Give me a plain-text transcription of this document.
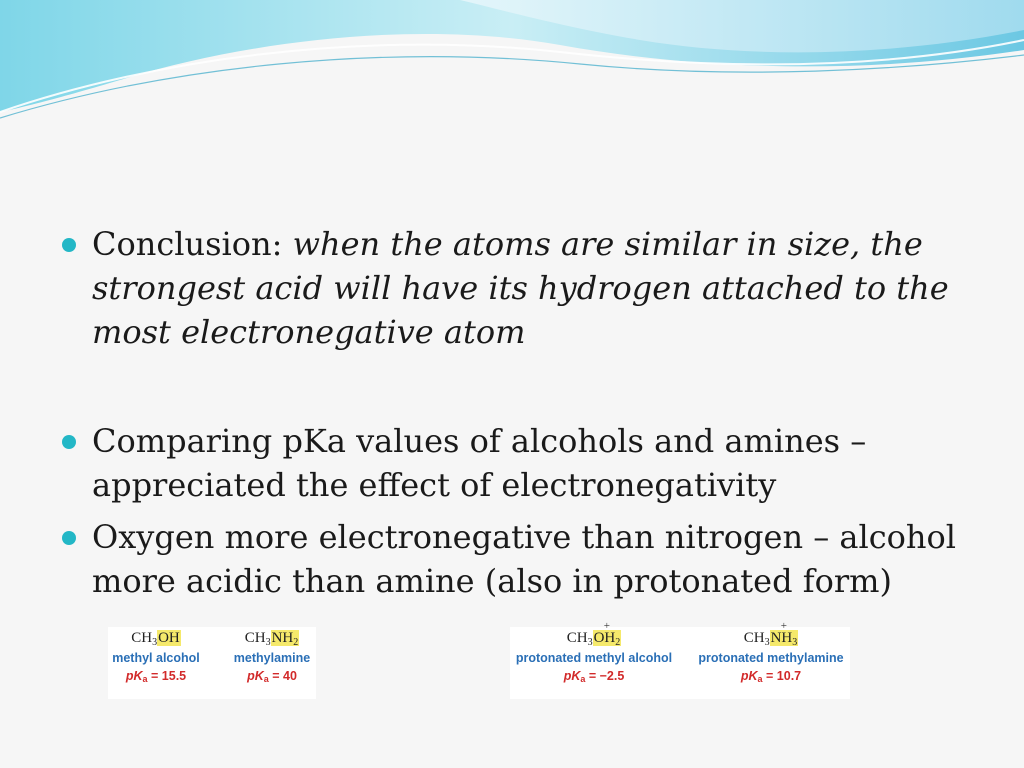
Conclusion: when the atoms are similar in size, the strongest acid will have its hydrogen attached to the most electronegative atom
Comparing pKa values of alcohols and amines – appreciated the effect of electronegativity
Oxygen more electronegative than nitrogen – alcohol more acidic than amine (also in protonated form)
$CH_3OH$
methyl alcohol
$pK_a = 15.5$
$CH_3NH_2$
methylamine
$pK_a = 40$
$CH_3$
+
$OH_2$
protonated methyl alcohol
$pK_a = -2.5$
$CH_3$
+
$NH_3$
protonated methylamine
$pK_a = 10.7$
